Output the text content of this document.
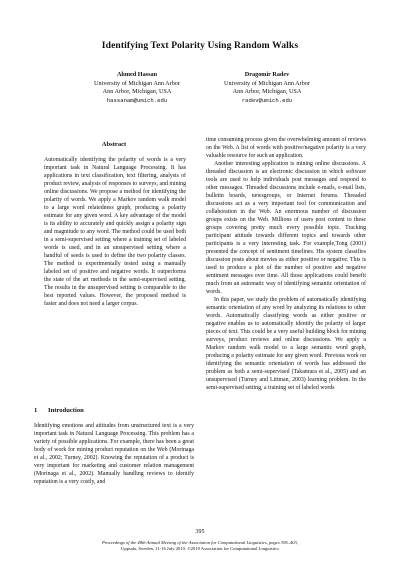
Identifying Text Polarity Using Random Walks
Ahmed Hassan
University of Michigan Ann Arbor
Ann Arbor, Michigan, USA
hassanam@umich.edu
Dragomir Radev
University of Michigan Ann Arbor
Ann Arbor, Michigan, USA
radev@umich.edu
Abstract

Automatically identifying the polarity of words is a very important task in Natural Language Processing. It has applications in text classification, text filtering, analysis of product review, analysis of responses to surveys, and mining online discussions. We propose a method for identifying the polarity of words. We apply a Markov random walk model to a large word relatedness graph, producing a polarity estimate for any given word. A key advantage of the model is its ability to accurately and quickly assign a polarity sign and magnitude to any word. The method could be used both in a semi-supervised setting where a training set of labeled words is used, and in an unsupervised setting where a handful of seeds is used to define the two polarity classes. The method is experimentally tested using a manually labeled set of positive and negative words. It outperforms the state of the art methods in the semi-supervised setting. The results in the unsupervised setting is comparable to the best reported values. However, the proposed method is faster and does not need a larger corpus.

1 Introduction

Identifying emotions and attitudes from unstructured text is a very important task in Natural Language Processing. This problem has a variety of possible applications. For example, there has been a great body of work for mining product reputation on the Web (Morinaga et al., 2002; Turney, 2002). Knowing the reputation of a product is very important for marketing and customer relation management (Morinaga et al., 2002). Manually handling reviews to identify reputation is a very costly, and

time consuming process given the overwhelming amount of reviews on the Web. A list of words with positive/negative polarity is a very valuable resource for such an application.

Another interesting application is mining online discussions. A threaded discussion is an electronic discussion in which software tools are used to help individuals post messages and respond to other messages. Threaded discussions include e-mails, e-mail lists, bulletin boards, newsgroups, or Internet forums. Threaded discussions act as a very important tool for communication and collaboration in the Web. An enormous number of discussion groups exists on the Web. Millions of users post content to these groups covering pretty much every possible topic. Tracking participant attitude towards different topics and towards other participants is a very interesting task. For example,Tong (2001) presented the concept of sentiment timelines. His system classifies discussion posts about movies as either positive or negative. This is used to produce a plot of the number of positive and negative sentiment messages over time. All those applications could benefit much from an automatic way of identifying semantic orientation of words.

In this paper, we study the problem of automatically identifying semantic orientation of any word by analyzing its relations to other words. Automatically classifying words as either positive or negative enables us to automatically identify the polarity of larger pieces of text. This could be a very useful building block for mining surveys, product reviews and online discussions. We apply a Markov random walk model to a large semantic word graph, producing a polarity estimate for any given word. Previous work on identifying the semantic orientation of words has addressed the problem as both a semi-supervised (Takamura et al., 2005) and an unsupervised (Turney and Littman, 2003) learning problem. In the semi-supervised setting, a training set of labeled words

395
Proceedings of the 48th Annual Meeting of the Association for Computational Linguistics, pages 395–403,
Uppsala, Sweden, 11-16 July 2010. ©2010 Association for Computational Linguistics
